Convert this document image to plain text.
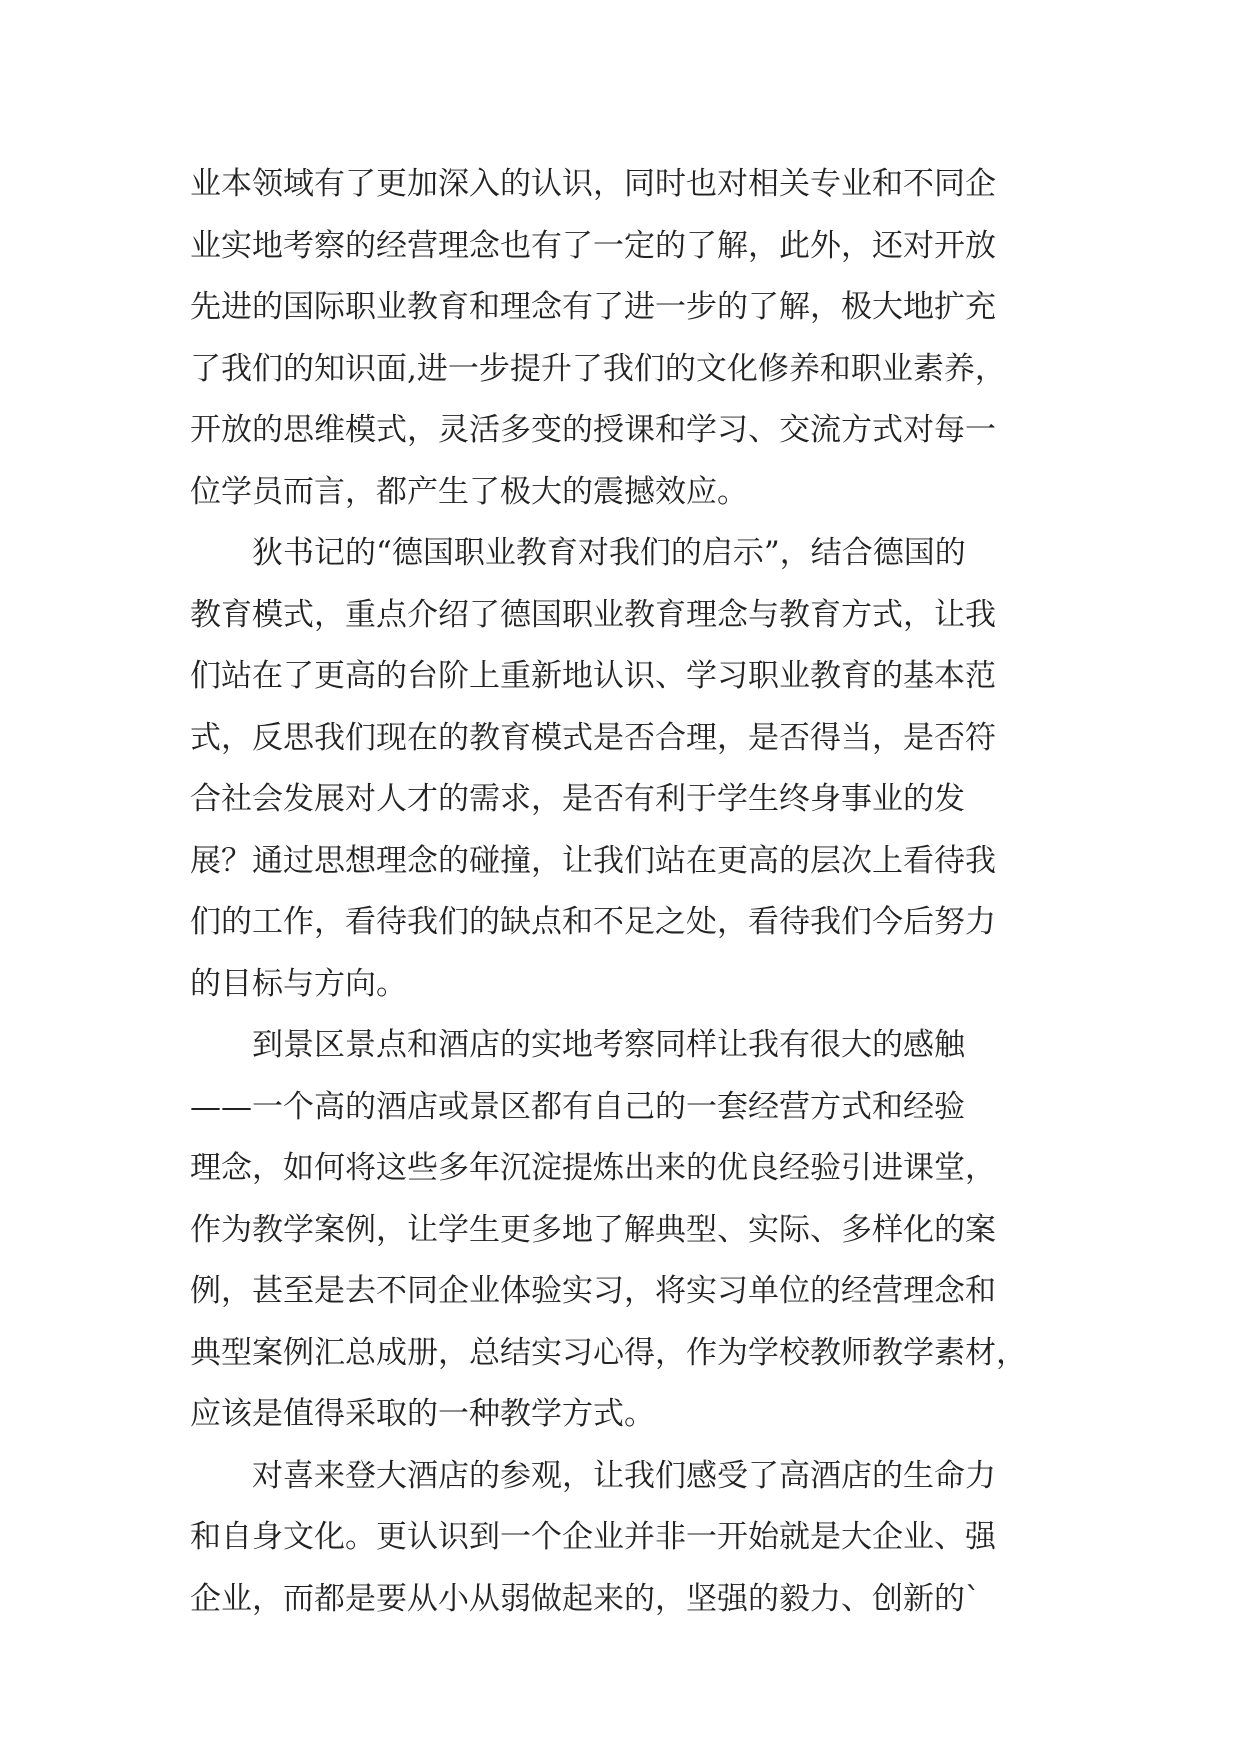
业本领域有了更加深入的认识，同时也对相关专业和不同企
业实地考察的经营理念也有了一定的了解，此外，还对开放
先进的国际职业教育和理念有了进一步的了解，极大地扩充
了我们的知识面,进一步提升了我们的文化修养和职业素养，
开放的思维模式，灵活多变的授课和学习、交流方式对每一
位学员而言，都产生了极大的震撼效应。
狄书记的“德国职业教育对我们的启示”，结合德国的
教育模式，重点介绍了德国职业教育理念与教育方式，让我
们站在了更高的台阶上重新地认识、学习职业教育的基本范
式，反思我们现在的教育模式是否合理，是否得当，是否符
合社会发展对人才的需求，是否有利于学生终身事业的发
展？通过思想理念的碰撞，让我们站在更高的层次上看待我
们的工作，看待我们的缺点和不足之处，看待我们今后努力
的目标与方向。
到景区景点和酒店的实地考察同样让我有很大的感触
——一个高的酒店或景区都有自己的一套经营方式和经验
理念，如何将这些多年沉淀提炼出来的优良经验引进课堂，
作为教学案例，让学生更多地了解典型、实际、多样化的案
例，甚至是去不同企业体验实习，将实习单位的经营理念和
典型案例汇总成册，总结实习心得，作为学校教师教学素材，
应该是值得采取的一种教学方式。
对喜来登大酒店的参观，让我们感受了高酒店的生命力
和自身文化。更认识到一个企业并非一开始就是大企业、强
企业，而都是要从小从弱做起来的，坚强的毅力、创新的`
